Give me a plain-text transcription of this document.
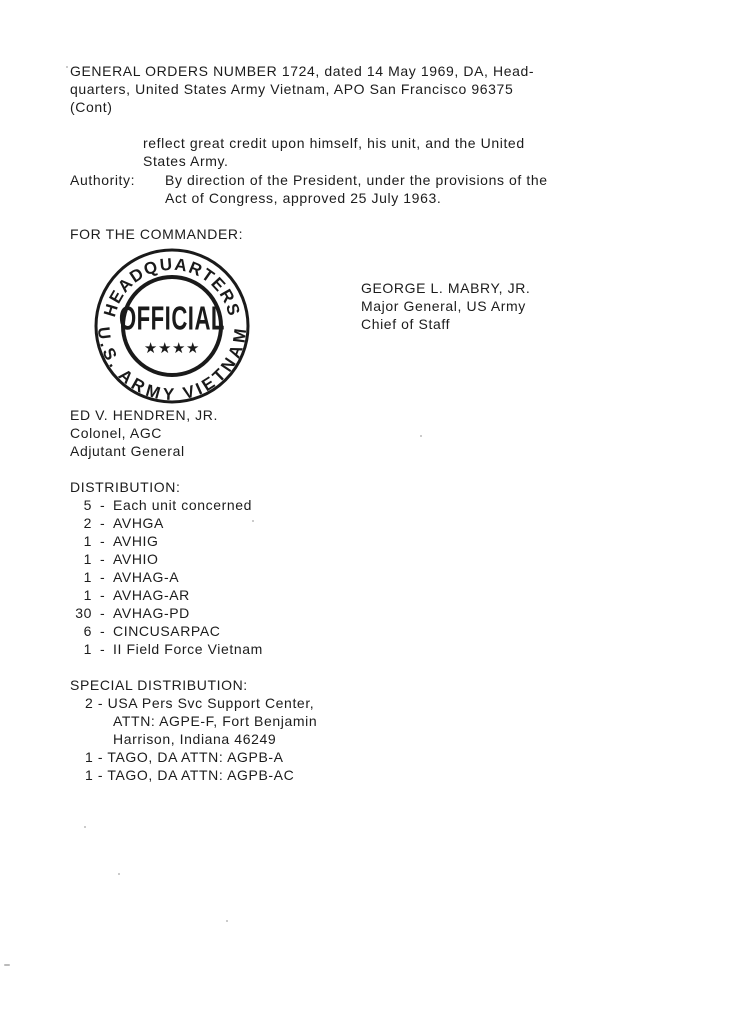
GENERAL ORDERS NUMBER 1724, dated 14 May 1969, DA, Head-
quarters, United States Army Vietnam, APO San Francisco 96375
(Cont)
reflect great credit upon himself, his unit, and the United
States Army.
Authority: By direction of the President, under the provisions of the
Act of Congress, approved 25 July 1963.
FOR THE COMMANDER:
HEADQUARTERS
U.S. ARMY VIETNAM
OFFICIAL
★★★★
GEORGE L. MABRY, JR.
Major General, US Army
Chief of Staff
ED V. HENDREN, JR.
Colonel, AGC
Adjutant General
DISTRIBUTION:
5 - Each unit concerned
2 - AVHGA
1 - AVHIG
1 - AVHIO
1 - AVHAG-A
1 - AVHAG-AR
30 - AVHAG-PD
6 - CINCUSARPAC
1 - II Field Force Vietnam
SPECIAL DISTRIBUTION:
2 - USA Pers Svc Support Center,
ATTN: AGPE-F, Fort Benjamin
Harrison, Indiana 46249
1 - TAGO, DA ATTN: AGPB-A
1 - TAGO, DA ATTN: AGPB-AC
